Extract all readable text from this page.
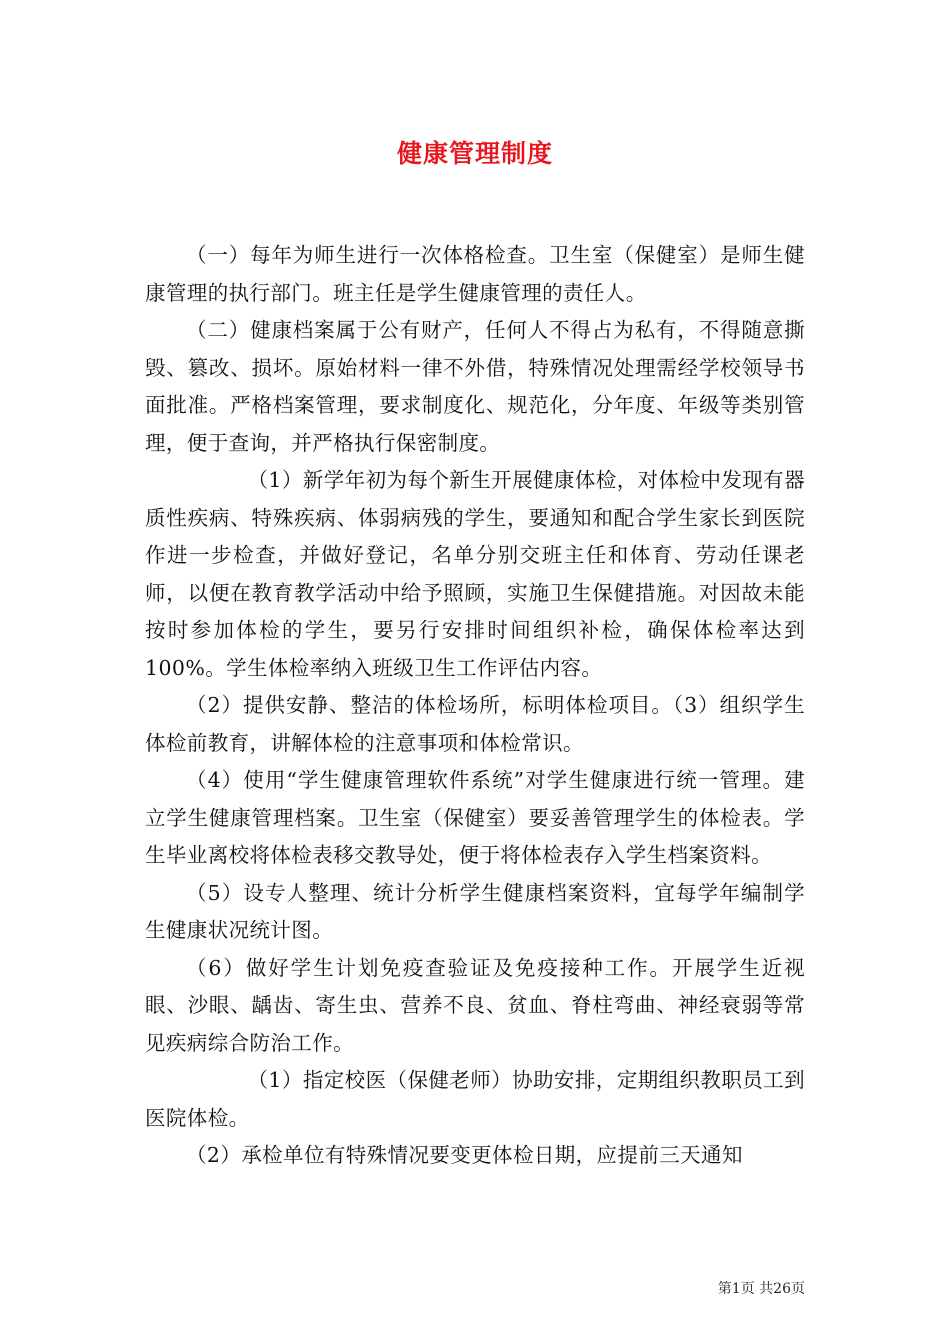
健康管理制度

（一）每年为师生进行一次体格检查。卫生室（保健室）是师生健康管理的执行部门。班主任是学生健康管理的责任人。

（二）健康档案属于公有财产，任何人不得占为私有，不得随意撕毁、篡改、损坏。原始材料一律不外借，特殊情况处理需经学校领导书面批准。严格档案管理，要求制度化、规范化，分年度、年级等类别管理，便于查询，并严格执行保密制度。

（1）新学年初为每个新生开展健康体检，对体检中发现有器质性疾病、特殊疾病、体弱病残的学生，要通知和配合学生家长到医院作进一步检查，并做好登记，名单分别交班主任和体育、劳动任课老师，以便在教育教学活动中给予照顾，实施卫生保健措施。对因故未能按时参加体检的学生，要另行安排时间组织补检，确保体检率达到100%。学生体检率纳入班级卫生工作评估内容。

（2）提供安静、整洁的体检场所，标明体检项目。（3）组织学生体检前教育，讲解体检的注意事项和体检常识。

（4）使用“学生健康管理软件系统”对学生健康进行统一管理。建立学生健康管理档案。卫生室（保健室）要妥善管理学生的体检表。学生毕业离校将体检表移交教导处，便于将体检表存入学生档案资料。

（5）设专人整理、统计分析学生健康档案资料，宜每学年编制学生健康状况统计图。

（6）做好学生计划免疫查验证及免疫接种工作。开展学生近视眼、沙眼、龋齿、寄生虫、营养不良、贫血、脊柱弯曲、神经衰弱等常见疾病综合防治工作。

（1）指定校医（保健老师）协助安排，定期组织教职员工到医院体检。

（2）承检单位有特殊情况要变更体检日期，应提前三天通知

第1页 共26页
